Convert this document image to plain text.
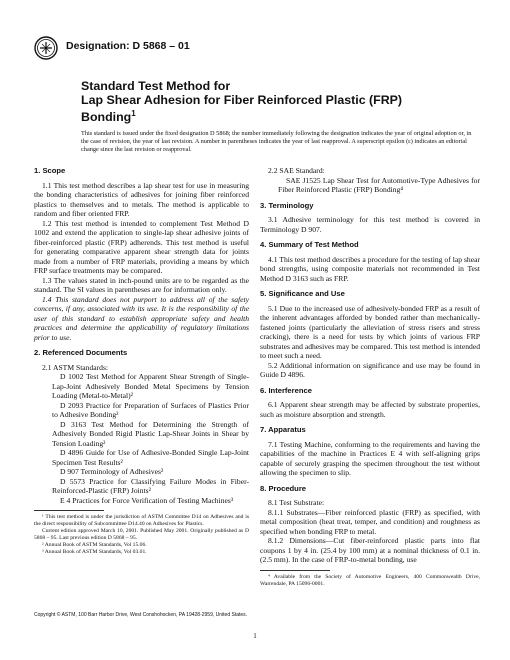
Designation: D 5868 – 01
Standard Test Method for
Lap Shear Adhesion for Fiber Reinforced Plastic (FRP)
Bonding$^1$
This standard is issued under the fixed designation D 5868; the number immediately following the designation indicates the year of original adoption or, in the case of revision, the year of last revision. A number in parentheses indicates the year of last reapproval. A superscript epsilon (ε) indicates an editorial change since the last revision or reapproval.
1. Scope

1.1 This test method describes a lap shear test for use in measuring the bonding characteristics of adhesives for joining fiber reinforced plastics to themselves and to metals. The method is applicable to random and fiber oriented FRP.

1.2 This test method is intended to complement Test Method D 1002 and extend the application to single-lap shear adhesive joints of fiber-reinforced plastic (FRP) adherends. This test method is useful for generating comparative apparent shear strength data for joints made from a number of FRP materials, providing a means by which FRP surface treatments may be compared.

1.3 The values stated in inch-pound units are to be regarded as the standard. The SI values in parentheses are for information only.

1.4 This standard does not purport to address all of the safety concerns, if any, associated with its use. It is the responsibility of the user of this standard to establish appropriate safety and health practices and determine the applicability of regulatory limitations prior to use.

2. Referenced Documents

2.1 ASTM Standards:

D 1002 Test Method for Apparent Shear Strength of Single-Lap-Joint Adhesively Bonded Metal Specimens by Tension Loading (Metal-to-Metal)²

D 2093 Practice for Preparation of Surfaces of Plastics Prior to Adhesive Bonding²

D 3163 Test Method for Determining the Strength of Adhesively Bonded Rigid Plastic Lap-Shear Joints in Shear by Tension Loading²

D 4896 Guide for Use of Adhesive-Bonded Single Lap-Joint Specimen Test Results²

D 907 Terminology of Adhesives²

D 5573 Practice for Classifying Failure Modes in Fiber-Reinforced-Plastic (FRP) Joints²

E 4 Practices for Force Verification of Testing Machines³

¹ This test method is under the jurisdiction of ASTM Committee D14 on Adhesives and is the direct responsibility of Subcommittee D14.40 on Adhesives for Plastics.

Current edition approved March 10, 2001. Published May 2001. Originally published as D 5868 – 95. Last previous edition D 5868 – 95.

² Annual Book of ASTM Standards, Vol 15.06.

³ Annual Book of ASTM Standards, Vol 03.01.

2.2 SAE Standard:

SAE J1525 Lap Shear Test for Automotive-Type Adhesives for Fiber Reinforced Plastic (FRP) Bonding⁴

3. Terminology

3.1 Adhesive terminology for this test method is covered in Terminology D 907.

4. Summary of Test Method

4.1 This test method describes a procedure for the testing of lap shear bond strengths, using composite materials not recommended in Test Method D 3163 such as FRP.

5. Significance and Use

5.1 Due to the increased use of adhesively-bonded FRP as a result of the inherent advantages afforded by bonded rather than mechanically-fastened joints (particularly the alleviation of stress risers and stress cracking), there is a need for tests by which joints of various FRP substrates and adhesives may be compared. This test method is intended to meet such a need.

5.2 Additional information on significance and use may be found in Guide D 4896.

6. Interference

6.1 Apparent shear strength may be affected by substrate properties, such as moisture absorption and strength.

7. Apparatus

7.1 Testing Machine, conforming to the requirements and having the capabilities of the machine in Practices E 4 with self-aligning grips capable of securely grasping the specimen throughout the test without allowing the specimen to slip.

8. Procedure

8.1 Test Substrate:

8.1.1 Substrates—Fiber reinforced plastic (FRP) as specified, with metal composition (heat treat, temper, and condition) and roughness as specified when bonding FRP to metal.

8.1.2 Dimensions—Cut fiber-reinforced plastic parts into flat coupons 1 by 4 in. (25.4 by 100 mm) at a nominal thickness of 0.1 in. (2.5 mm). In the case of FRP-to-metal bonding, use

⁴ Available from the Society of Automotive Engineers, 400 Commonwealth Drive, Warrendale, PA 15096-0001.

Copyright © ASTM, 100 Barr Harbor Drive, West Conshohocken, PA 19428-2959, United States.
1
